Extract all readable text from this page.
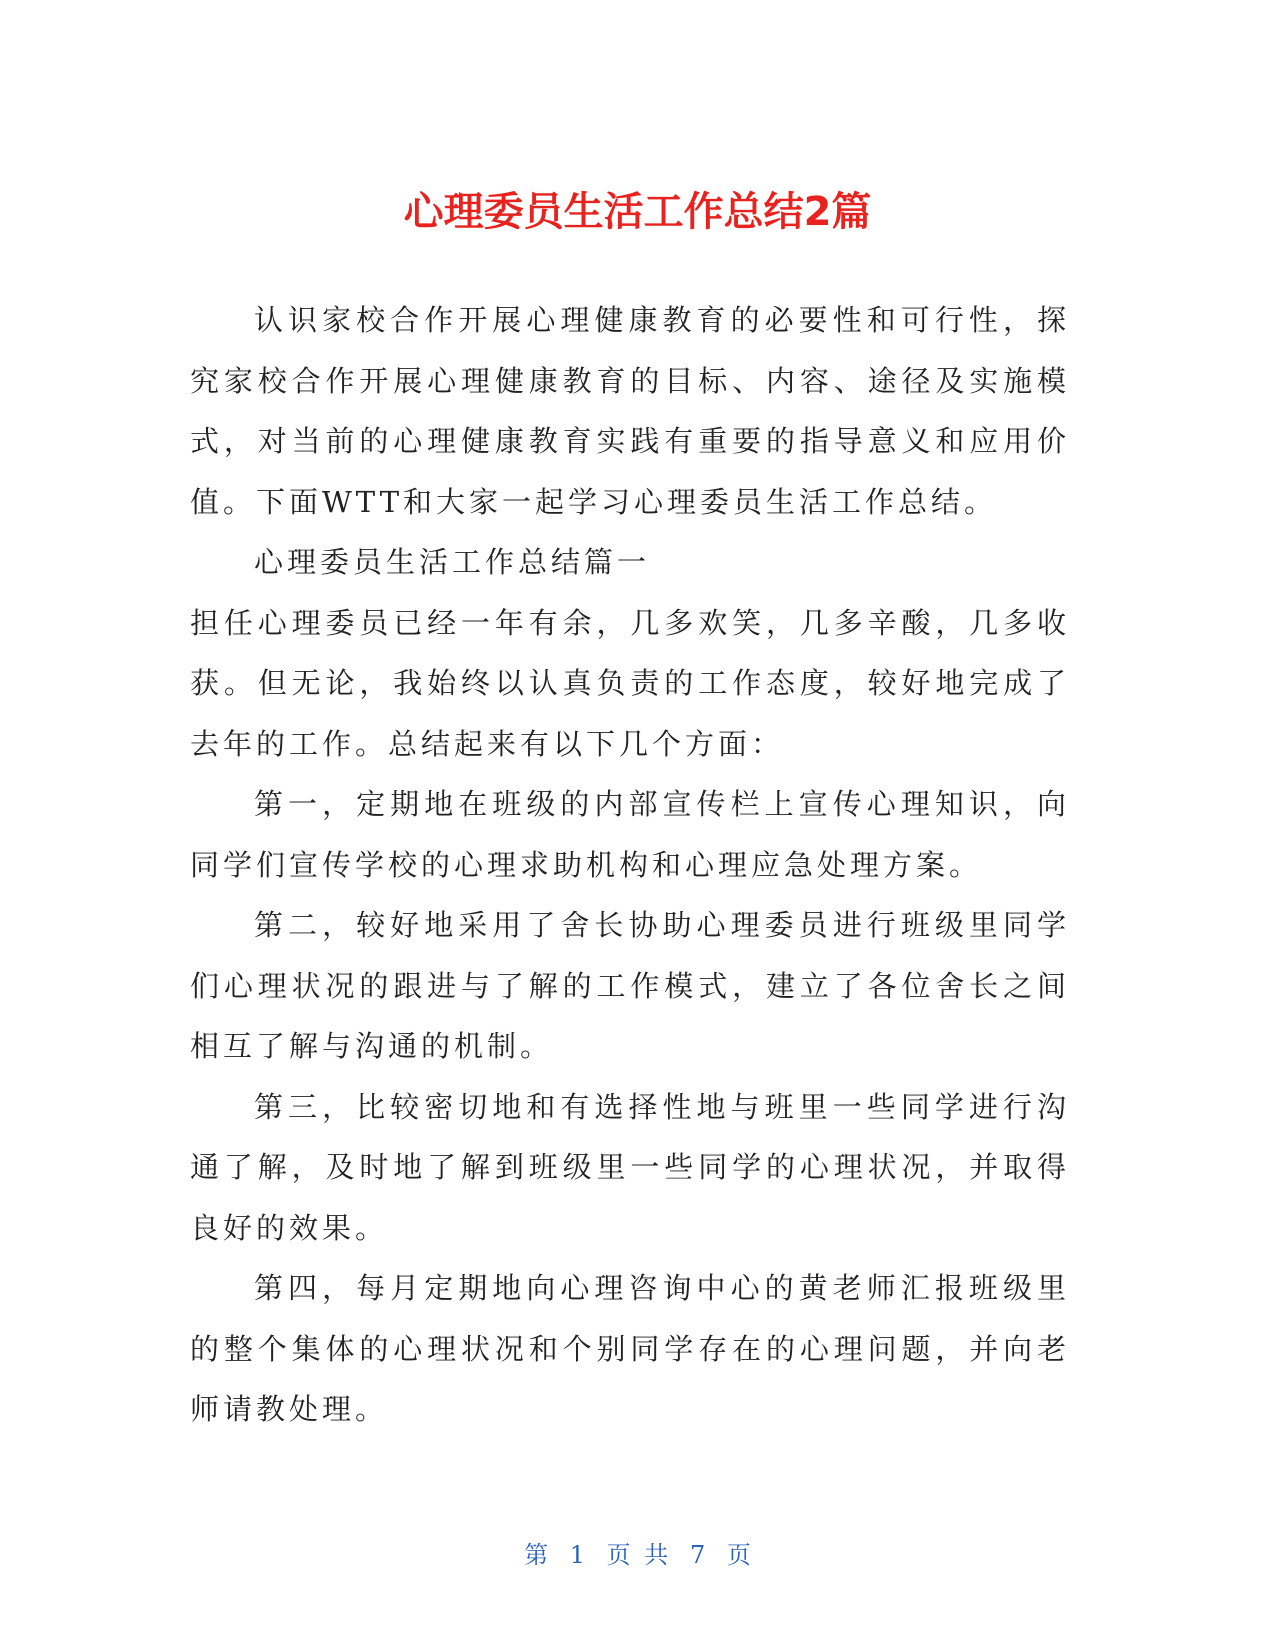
心理委员生活工作总结2篇

认识家校合作开展心理健康教育的必要性和可行性，探究家校合作开展心理健康教育的目标、内容、途径及实施模式，对当前的心理健康教育实践有重要的指导意义和应用价值。下面WTT和大家一起学习心理委员生活工作总结。

心理委员生活工作总结篇一

担任心理委员已经一年有余，几多欢笑，几多辛酸，几多收获。但无论，我始终以认真负责的工作态度，较好地完成了去年的工作。总结起来有以下几个方面：

第一，定期地在班级的内部宣传栏上宣传心理知识，向同学们宣传学校的心理求助机构和心理应急处理方案。

第二，较好地采用了舍长协助心理委员进行班级里同学们心理状况的跟进与了解的工作模式，建立了各位舍长之间相互了解与沟通的机制。

第三，比较密切地和有选择性地与班里一些同学进行沟通了解，及时地了解到班级里一些同学的心理状况，并取得良好的效果。

第四，每月定期地向心理咨询中心的黄老师汇报班级里的整个集体的心理状况和个别同学存在的心理问题，并向老师请教处理。

第 1 页 共 7 页
